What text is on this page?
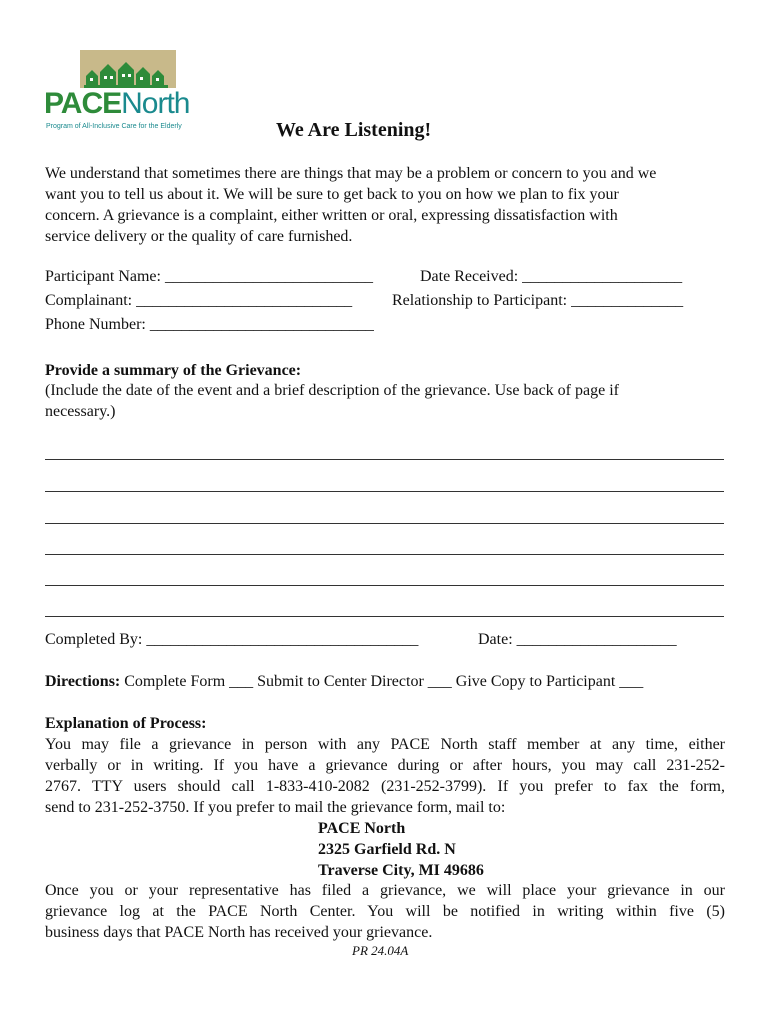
PACENorth
Program of All-Inclusive Care for the Elderly	We Are Listening!
We understand that sometimes there are things that may be a problem or concern to you and we
want you to tell us about it. We will be sure to get back to you on how we plan to fix your
concern. A grievance is a complaint, either written or oral, expressing dissatisfaction with
service delivery or the quality of care furnished.
Participant Name: __________________________	Date Received: ____________________
Complainant: ___________________________ Relationship to Participant: ______________
Phone Number: ____________________________
Provide a summary of the Grievance:
(Include the date of the event and a brief description of the grievance. Use back of page if
necessary.)
Completed By: __________________________________	Date: ____________________
Directions: Complete Form ___ Submit to Center Director ___ Give Copy to Participant ___
Explanation of Process:
You may file a grievance in person with any PACE North staff member at any time, either
verbally or in writing. If you have a grievance during or after hours, you may call 231-252-
2767. TTY users should call 1-833-410-2082 (231-252-3799). If you prefer to fax the form,
send to 231-252-3750. If you prefer to mail the grievance form, mail to:
PACE North
2325 Garfield Rd. N
Traverse City, MI 49686
Once you or your representative has filed a grievance, we will place your grievance in our
grievance log at the PACE North Center. You will be notified in writing within five (5)
business days that PACE North has received your grievance.
PR 24.04A
